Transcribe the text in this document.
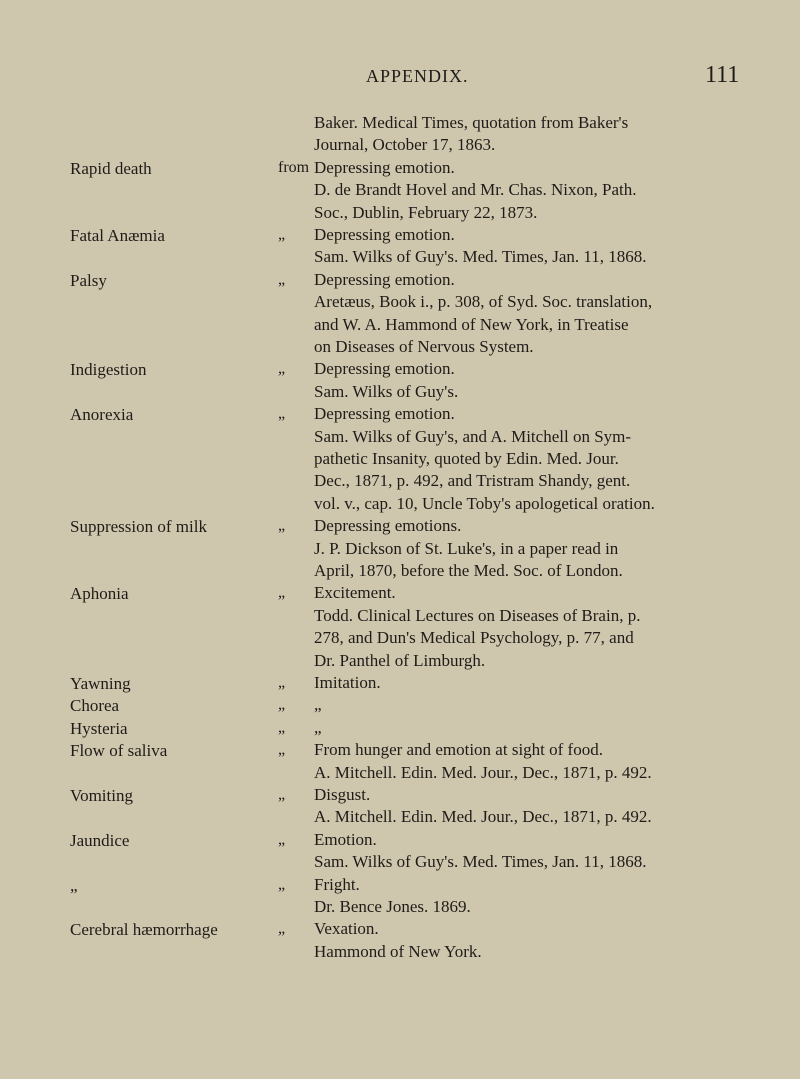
APPENDIX.	111
Baker. Medical Times, quotation from Baker's
Journal, October 17, 1863.
Rapid death	from Depressing emotion.
D. de Brandt Hovel and Mr. Chas. Nixon, Path.
Soc., Dublin, February 22, 1873.
Fatal Anæmia	„ Depressing emotion.
Sam. Wilks of Guy's. Med. Times, Jan. 11, 1868.
Palsy	„ Depressing emotion.
Aretæus, Book i., p. 308, of Syd. Soc. translation,
and W. A. Hammond of New York, in Treatise
on Diseases of Nervous System.
Indigestion	„ Depressing emotion.
Sam. Wilks of Guy's.
Anorexia	„ Depressing emotion.
Sam. Wilks of Guy's, and A. Mitchell on Sym-
pathetic Insanity, quoted by Edin. Med. Jour.
Dec., 1871, p. 492, and Tristram Shandy, gent.
vol. v., cap. 10, Uncle Toby's apologetical oration.
Suppression of milk	„ Depressing emotions.
J. P. Dickson of St. Luke's, in a paper read in
April, 1870, before the Med. Soc. of London.
Aphonia	„ Excitement.
Todd. Clinical Lectures on Diseases of Brain, p.
278, and Dun's Medical Psychology, p. 77, and
Dr. Panthel of Limburgh.
Yawning	„ Imitation.
Chorea	„ „
Hysteria	„ „
Flow of saliva	„ From hunger and emotion at sight of food.
A. Mitchell. Edin. Med. Jour., Dec., 1871, p. 492.
Vomiting	„ Disgust.
A. Mitchell. Edin. Med. Jour., Dec., 1871, p. 492.
Jaundice	„ Emotion.
Sam. Wilks of Guy's. Med. Times, Jan. 11, 1868.
„	„ Fright.
Dr. Bence Jones. 1869.
Cerebral hæmorrhage	„ Vexation.
Hammond of New York.
